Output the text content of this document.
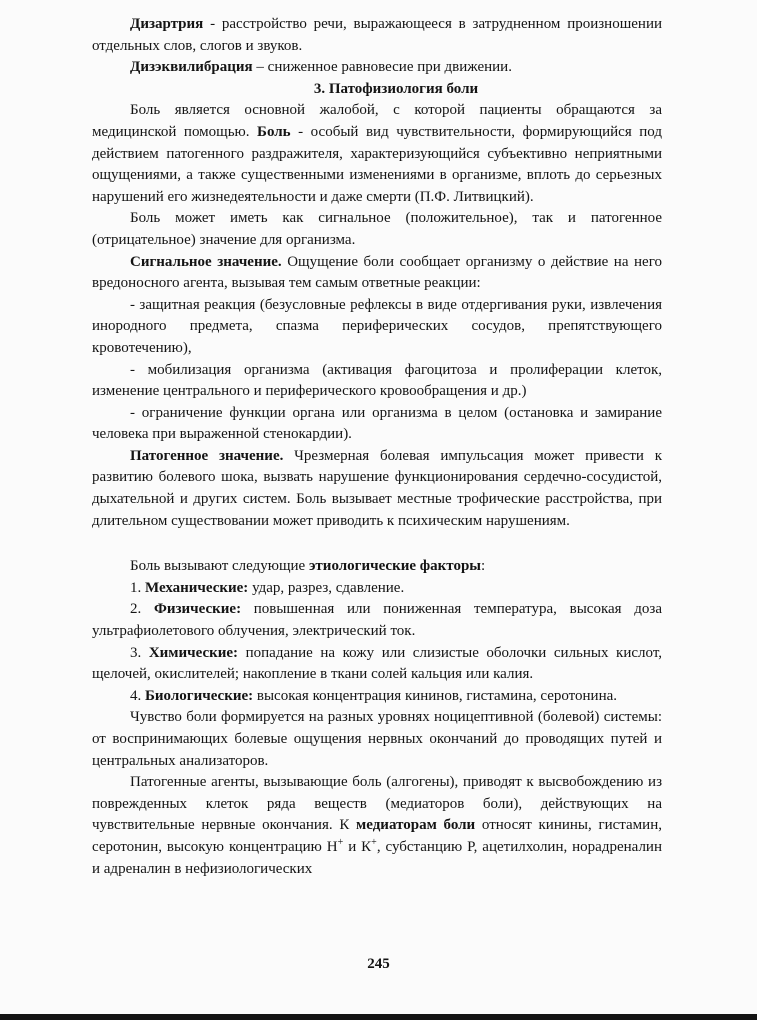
Дизартрия - расстройство речи, выражающееся в затрудненном произношении отдельных слов, слогов и звуков.

Дизэквилибрация – сниженное равновесие при движении.

3. Патофизиология боли

Боль является основной жалобой, с которой пациенты обращаются за медицинской помощью. Боль - особый вид чувствительности, формирующийся под действием патогенного раздражителя, характеризующийся субъективно неприятными ощущениями, а также существенными изменениями в организме, вплоть до серьезных нарушений его жизнедеятельности и даже смерти (П.Ф. Литвицкий).

Боль может иметь как сигнальное (положительное), так и патогенное (отрицательное) значение для организма.

Сигнальное значение. Ощущение боли сообщает организму о действие на него вредоносного агента, вызывая тем самым ответные реакции:

- защитная реакция (безусловные рефлексы в виде отдергивания руки, извлечения инородного предмета, спазма периферических сосудов, препятствующего кровотечению),

- мобилизация организма (активация фагоцитоза и пролиферации клеток, изменение центрального и периферического кровообращения и др.)

- ограничение функции органа или организма в целом (остановка и замирание человека при выраженной стенокардии).

Патогенное значение. Чрезмерная болевая импульсация может привести к развитию болевого шока, вызвать нарушение функционирования сердечно-сосудистой, дыхательной и других систем. Боль вызывает местные трофические расстройства, при длительном существовании может приводить к психическим нарушениям.

Боль вызывают следующие этиологические факторы:

1. Механические: удар, разрез, сдавление.

2. Физические: повышенная или пониженная температура, высокая доза ультрафиолетового облучения, электрический ток.

3. Химические: попадание на кожу или слизистые оболочки сильных кислот, щелочей, окислителей; накопление в ткани солей кальция или калия.

4. Биологические: высокая концентрация кининов, гистамина, серотонина.

Чувство боли формируется на разных уровнях ноцицептивной (болевой) системы: от воспринимающих болевые ощущения нервных окончаний до проводящих путей и центральных анализаторов.

Патогенные агенты, вызывающие боль (алгогены), приводят к высвобождению из поврежденных клеток ряда веществ (медиаторов боли), действующих на чувствительные нервные окончания. К медиаторам боли относят кинины, гистамин, серотонин, высокую концентрацию Н+ и К+, субстанцию Р, ацетилхолин, норадреналин и адреналин в нефизиологических

245
